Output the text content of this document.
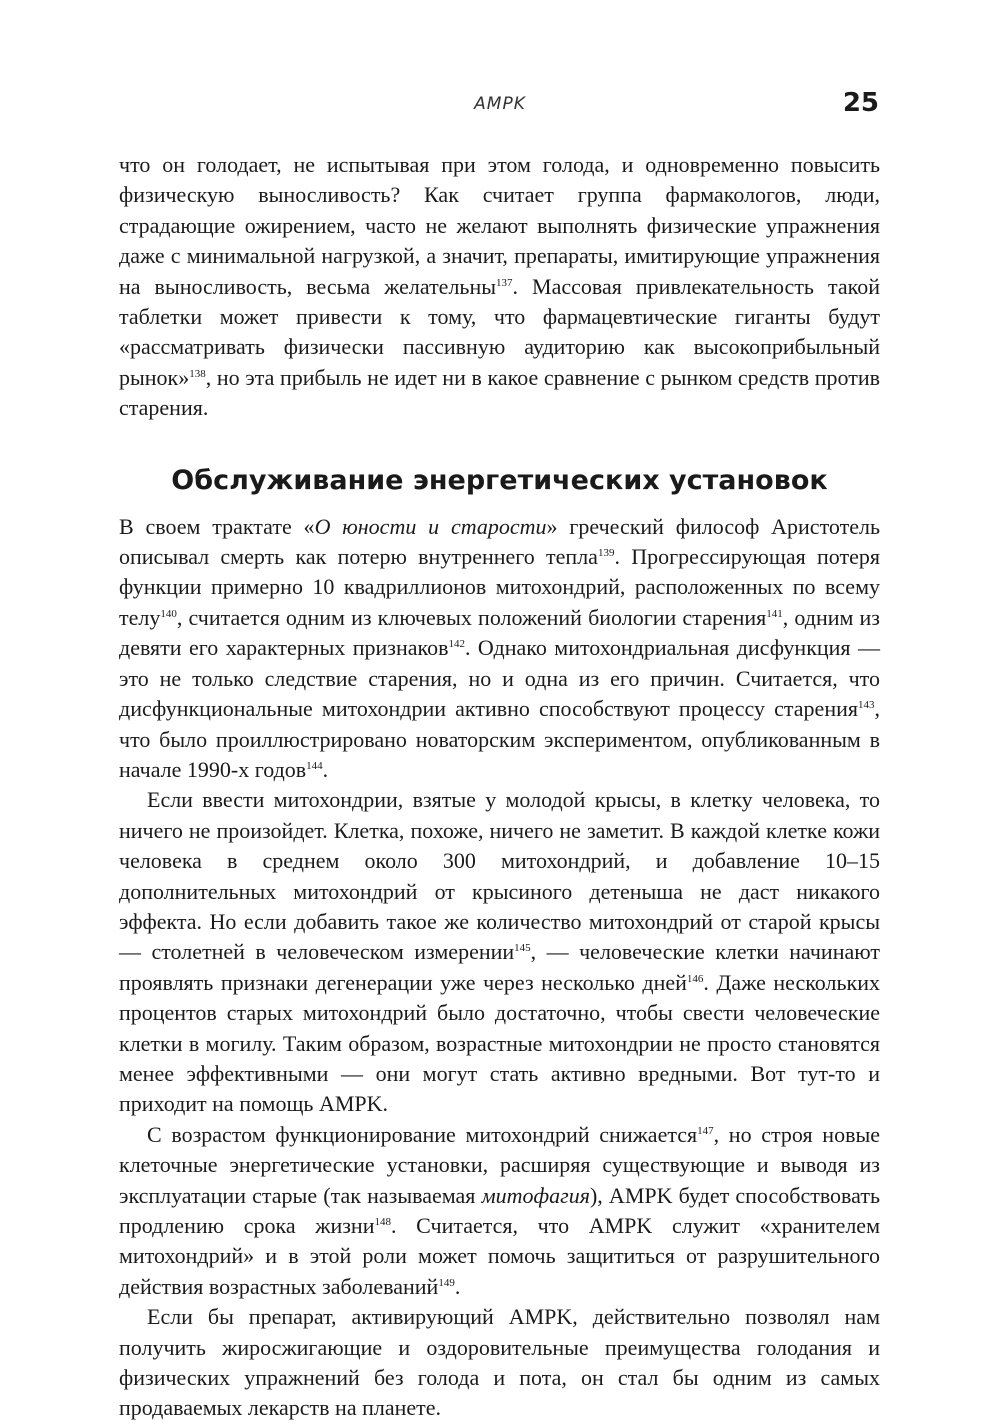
AMPK	25

что он голодает, не испытывая при этом голода, и одновременно повысить физическую выносливость? Как считает группа фармакологов, люди, страдающие ожирением, часто не желают выполнять физические упражнения даже с минимальной нагрузкой, а значит, препараты, имитирующие упражнения на выносливость, весьма желательны$^{137}$. Массовая привлекательность такой таблетки может привести к тому, что фармацевтические гиганты будут «рассматривать физически пассивную аудиторию как высокоприбыльный рынок»$^{138}$, но эта прибыль не идет ни в какое сравнение с рынком средств против старения.

Обслуживание энергетических установок

В своем трактате «О юности и старости» греческий философ Аристотель описывал смерть как потерю внутреннего тепла$^{139}$. Прогрессирующая потеря функции примерно 10 квадриллионов митохондрий, расположенных по всему телу$^{140}$, считается одним из ключевых положений биологии старения$^{141}$, одним из девяти его характерных признаков$^{142}$. Однако митохондриальная дисфункция — это не только следствие старения, но и одна из его причин. Считается, что дисфункциональные митохондрии активно способствуют процессу старения$^{143}$, что было проиллюстрировано новаторским экспериментом, опубликованным в начале 1990-х годов$^{144}$.

Если ввести митохондрии, взятые у молодой крысы, в клетку человека, то ничего не произойдет. Клетка, похоже, ничего не заметит. В каждой клетке кожи человека в среднем около 300 митохондрий, и добавление 10–15 дополнительных митохондрий от крысиного детеныша не даст никакого эффекта. Но если добавить такое же количество митохондрий от старой крысы — столетней в человеческом измерении$^{145}$, — человеческие клетки начинают проявлять признаки дегенерации уже через несколько дней$^{146}$. Даже нескольких процентов старых митохондрий было достаточно, чтобы свести человеческие клетки в могилу. Таким образом, возрастные митохондрии не просто становятся менее эффективными — они могут стать активно вредными. Вот тут-то и приходит на помощь AMPK.

С возрастом функционирование митохондрий снижается$^{147}$, но строя новые клеточные энергетические установки, расширяя существующие и выводя из эксплуатации старые (так называемая митофагия), AMPK будет способствовать продлению срока жизни$^{148}$. Считается, что AMPK служит «хранителем митохондрий» и в этой роли может помочь защититься от разрушительного действия возрастных заболеваний$^{149}$.

Если бы препарат, активирующий AMPK, действительно позволял нам получить жиросжигающие и оздоровительные преимущества голодания и физических упражнений без голода и пота, он стал бы одним из самых продаваемых лекарств на планете.
